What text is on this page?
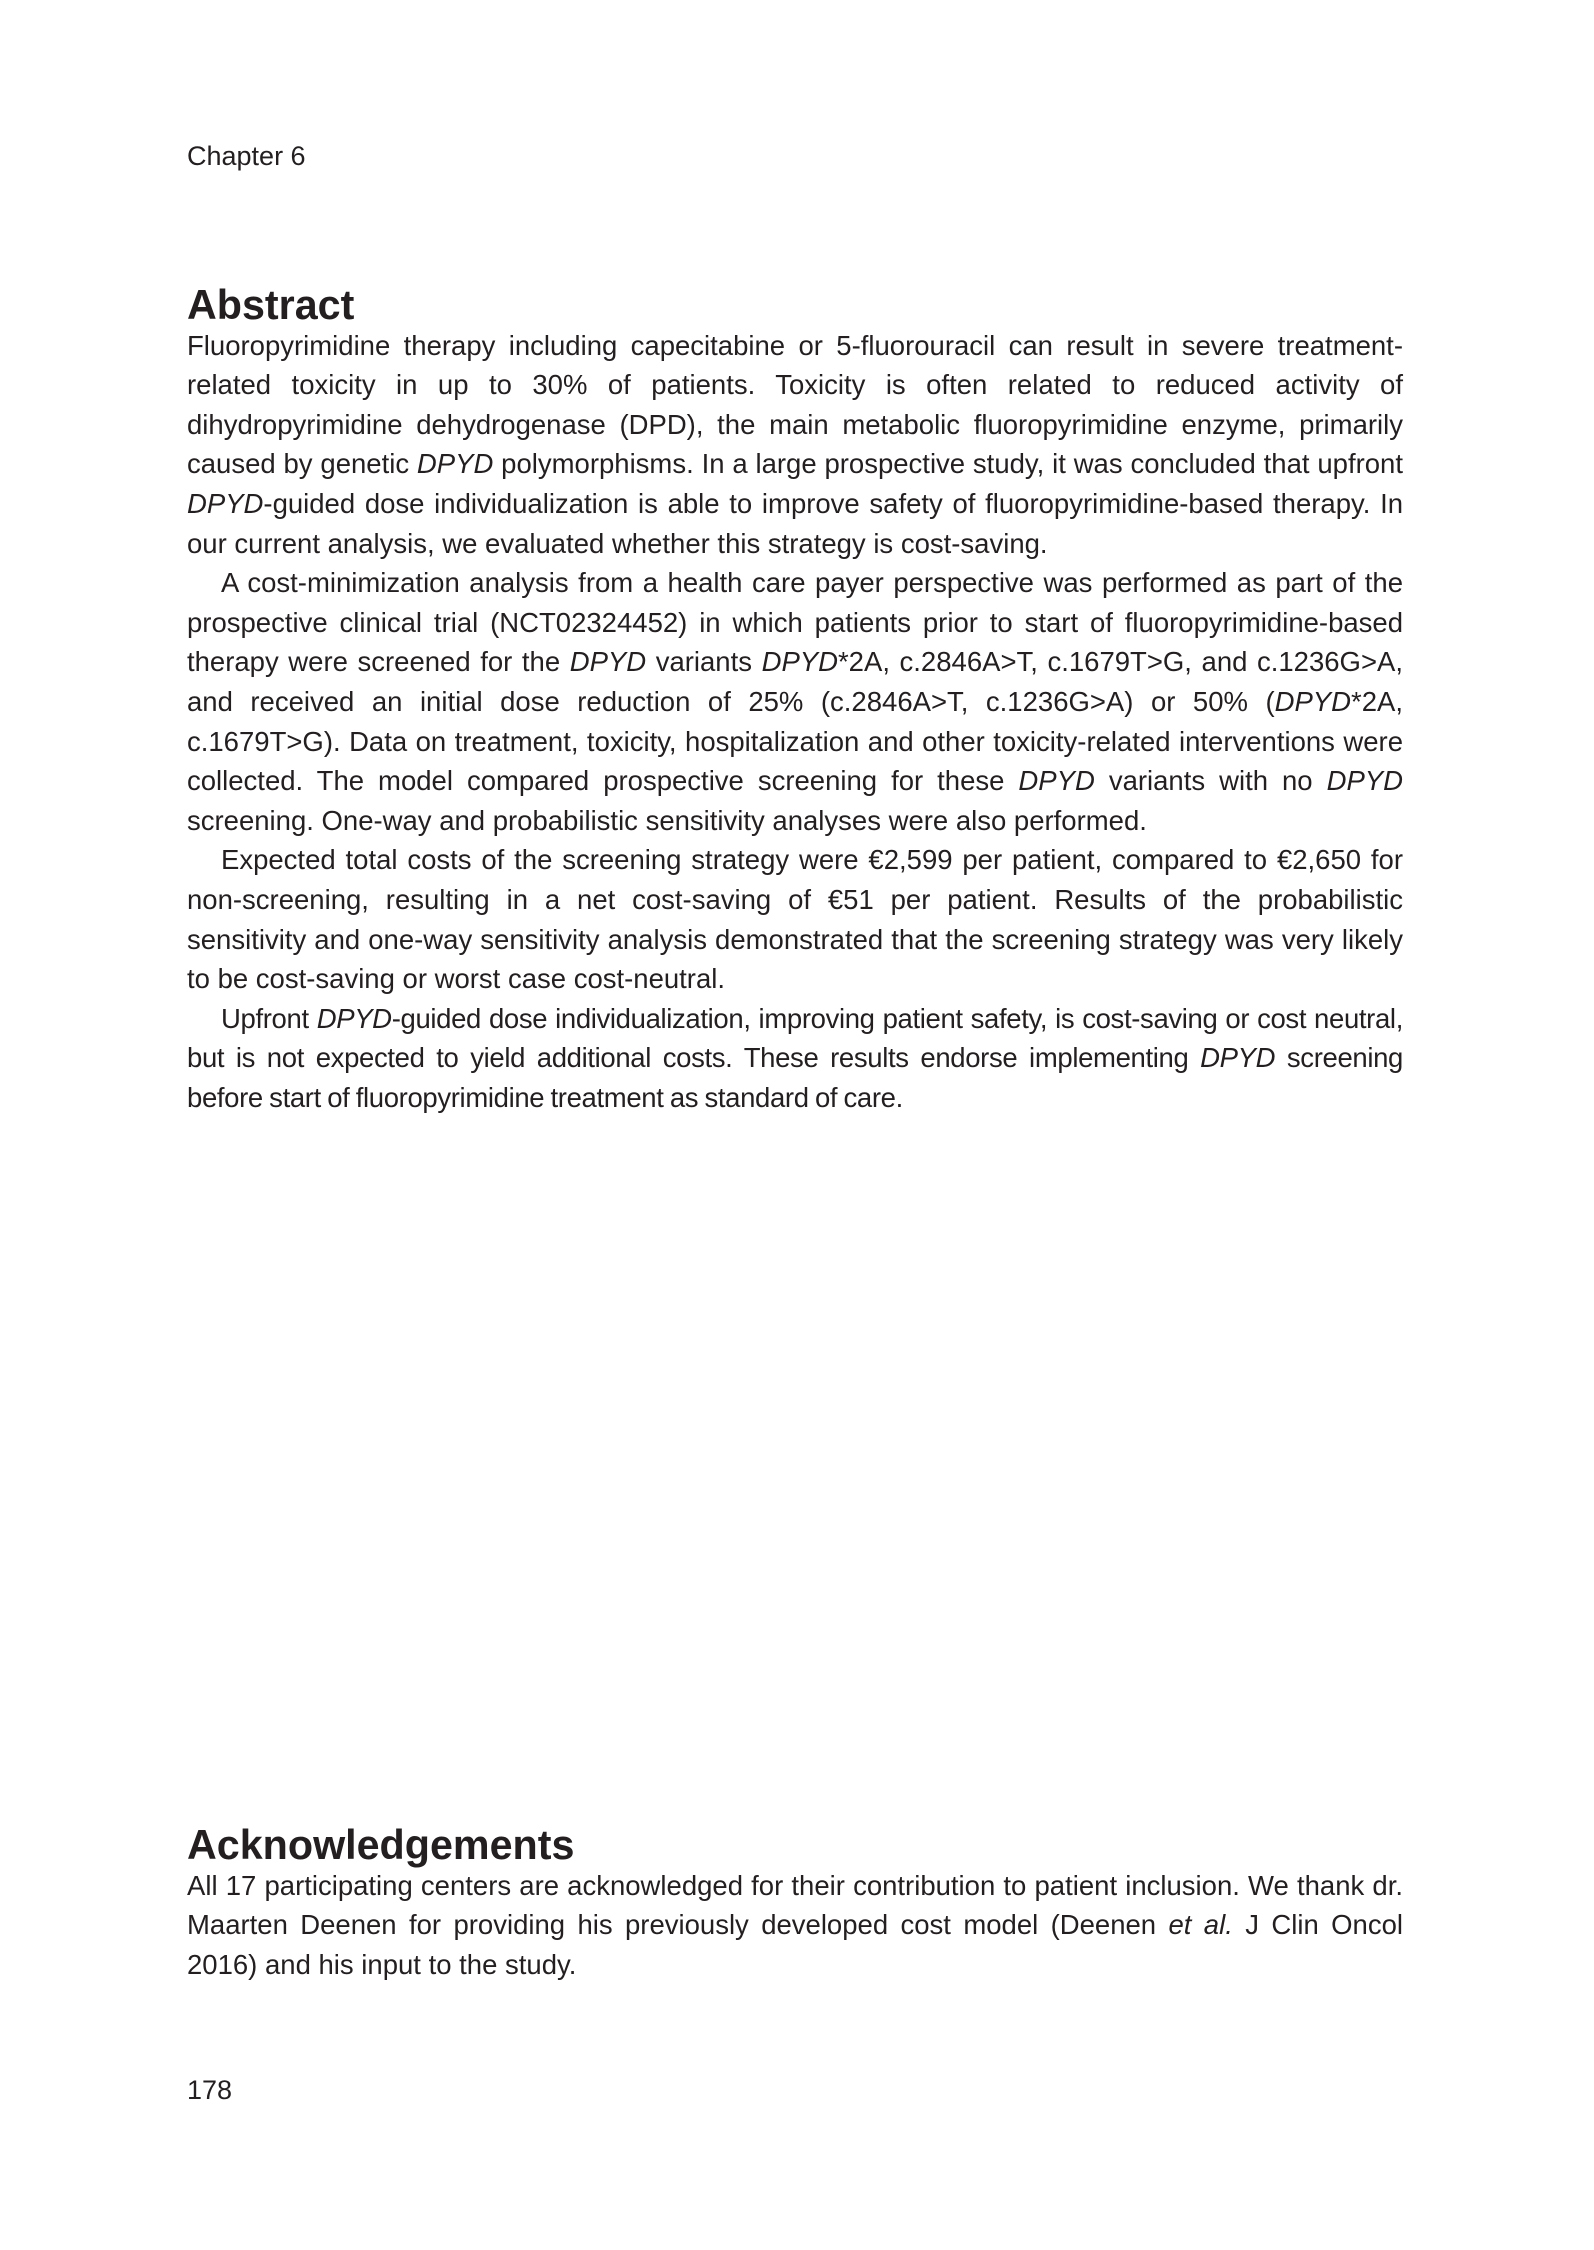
Chapter 6
Abstract

Fluoropyrimidine therapy including capecitabine or 5-fluorouracil can result in severe treatment-related toxicity in up to 30% of patients. Toxicity is often related to reduced activity of dihydropyrimidine dehydrogenase (DPD), the main metabolic fluoropyrimidine enzyme, primarily caused by genetic DPYD polymorphisms. In a large prospective study, it was concluded that upfront DPYD-guided dose individualization is able to improve safety of fluoropyrimidine-based therapy. In our current analysis, we evaluated whether this strategy is cost-saving.

A cost-minimization analysis from a health care payer perspective was performed as part of the prospective clinical trial (NCT02324452) in which patients prior to start of fluoropyrimidine-based therapy were screened for the DPYD variants DPYD*2A, c.2846A>T, c.1679T>G, and c.1236G>A, and received an initial dose reduction of 25% (c.2846A>T, c.1236G>A) or 50% (DPYD*2A, c.1679T>G). Data on treatment, toxicity, hospitalization and other toxicity-related interventions were collected. The model compared prospective screening for these DPYD variants with no DPYD screening. One-way and probabilistic sensitivity analyses were also performed.

Expected total costs of the screening strategy were €2,599 per patient, compared to €2,650 for non-screening, resulting in a net cost-saving of €51 per patient. Results of the probabilistic sensitivity and one-way sensitivity analysis demonstrated that the screening strategy was very likely to be cost-saving or worst case cost-neutral.

Upfront DPYD-guided dose individualization, improving patient safety, is cost-saving or cost neutral, but is not expected to yield additional costs. These results endorse implementing DPYD screening before start of fluoropyrimidine treatment as standard of care.

Acknowledgements

All 17 participating centers are acknowledged for their contribution to patient inclusion. We thank dr. Maarten Deenen for providing his previously developed cost model (Deenen et al. J Clin Oncol 2016) and his input to the study.

178
